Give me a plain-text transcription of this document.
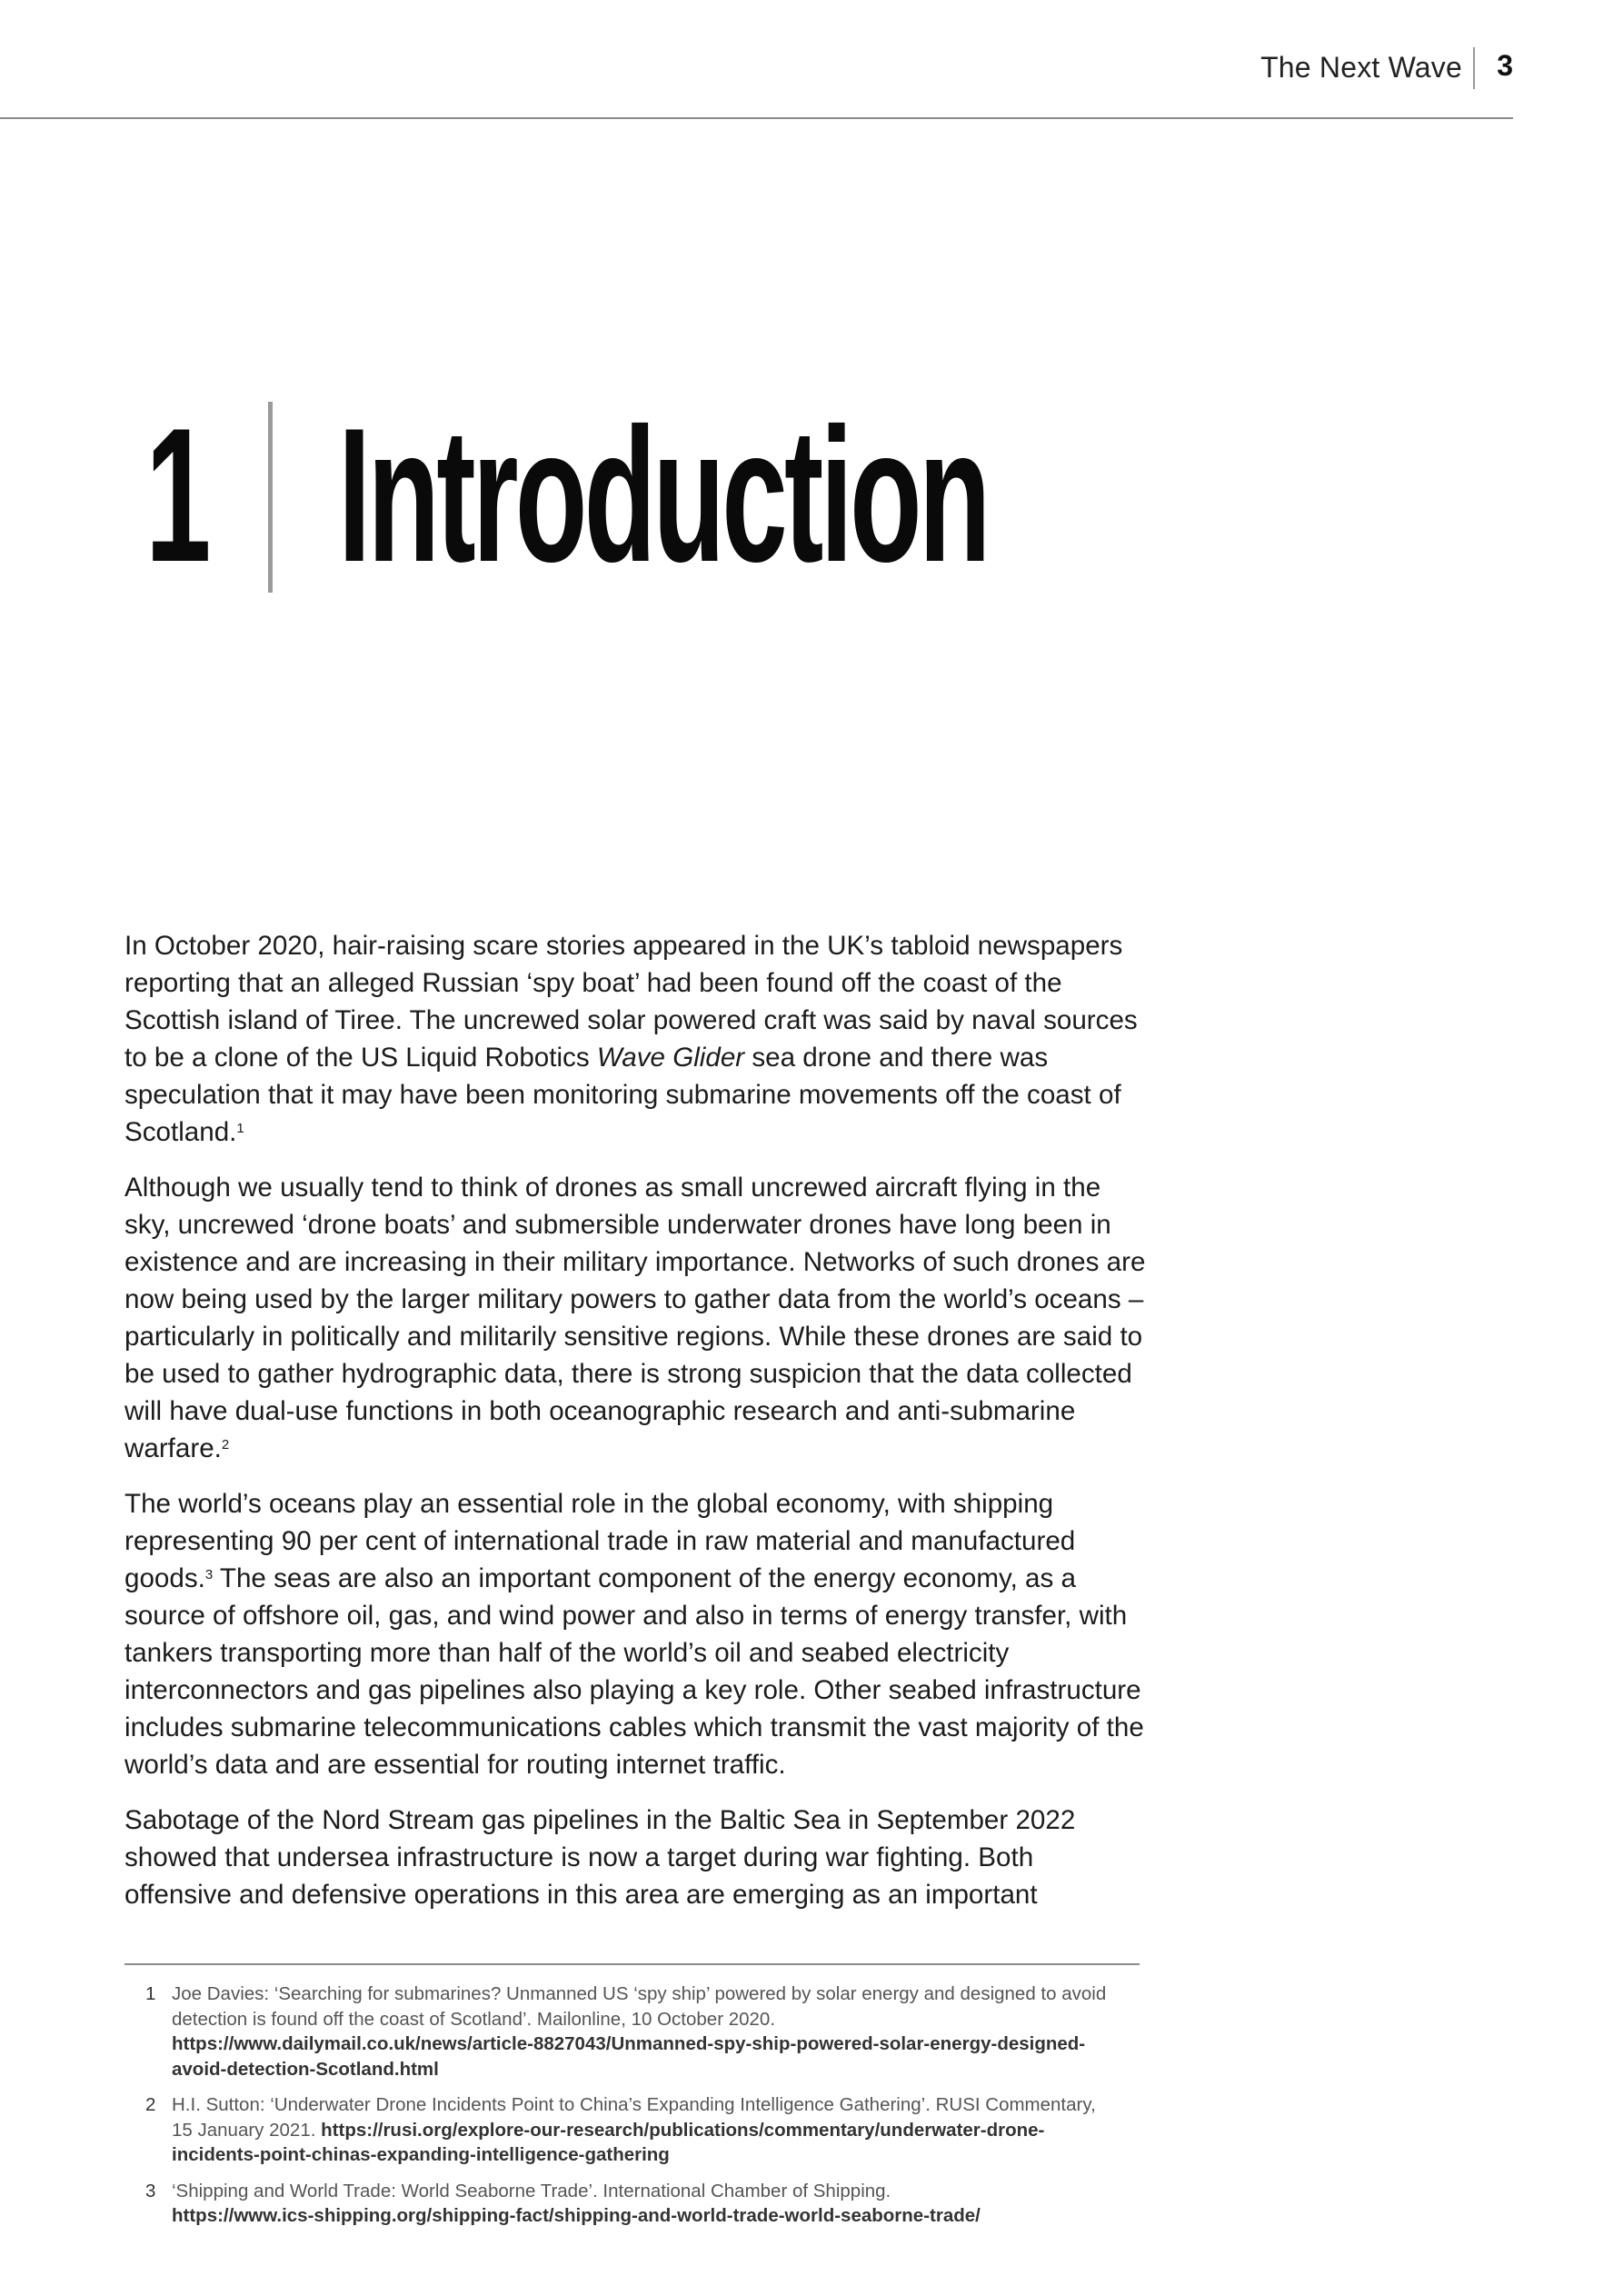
The Next Wave	3
1 Introduction

In October 2020, hair-raising scare stories appeared in the UK’s tabloid newspapers reporting that an alleged Russian ‘spy boat’ had been found off the coast of the Scottish island of Tiree. The uncrewed solar powered craft was said by naval sources to be a clone of the US Liquid Robotics Wave Glider sea drone and there was speculation that it may have been monitoring submarine movements off the coast of Scotland.$^1$

Although we usually tend to think of drones as small uncrewed aircraft flying in the sky, uncrewed ‘drone boats’ and submersible underwater drones have long been in existence and are increasing in their military importance. Networks of such drones are now being used by the larger military powers to gather data from the world’s oceans – particularly in politically and militarily sensitive regions. While these drones are said to be used to gather hydrographic data, there is strong suspicion that the data collected will have dual-use functions in both oceanographic research and anti-submarine warfare.$^2$

The world’s oceans play an essential role in the global economy, with shipping representing 90 per cent of international trade in raw material and manufactured goods.$^3$ The seas are also an important component of the energy economy, as a source of offshore oil, gas, and wind power and also in terms of energy transfer, with tankers transporting more than half of the world’s oil and seabed electricity interconnectors and gas pipelines also playing a key role. Other seabed infrastructure includes submarine telecommunications cables which transmit the vast majority of the world’s data and are essential for routing internet traffic.

Sabotage of the Nord Stream gas pipelines in the Baltic Sea in September 2022 showed that undersea infrastructure is now a target during war fighting. Both offensive and defensive operations in this area are emerging as an important

1 Joe Davies: ‘Searching for submarines? Unmanned US ‘spy ship’ powered by solar energy and designed to avoid detection is found off the coast of Scotland’. Mailonline, 10 October 2020. https://www.dailymail.co.uk/news/article-8827043/Unmanned-spy-ship-powered-solar-energy-designed-avoid-detection-Scotland.html
2 H.I. Sutton: ‘Underwater Drone Incidents Point to China’s Expanding Intelligence Gathering’. RUSI Commentary, 15 January 2021. https://rusi.org/explore-our-research/publications/commentary/underwater-drone-incidents-point-chinas-expanding-intelligence-gathering
3 ‘Shipping and World Trade: World Seaborne Trade’. International Chamber of Shipping.
https://www.ics-shipping.org/shipping-fact/shipping-and-world-trade-world-seaborne-trade/
